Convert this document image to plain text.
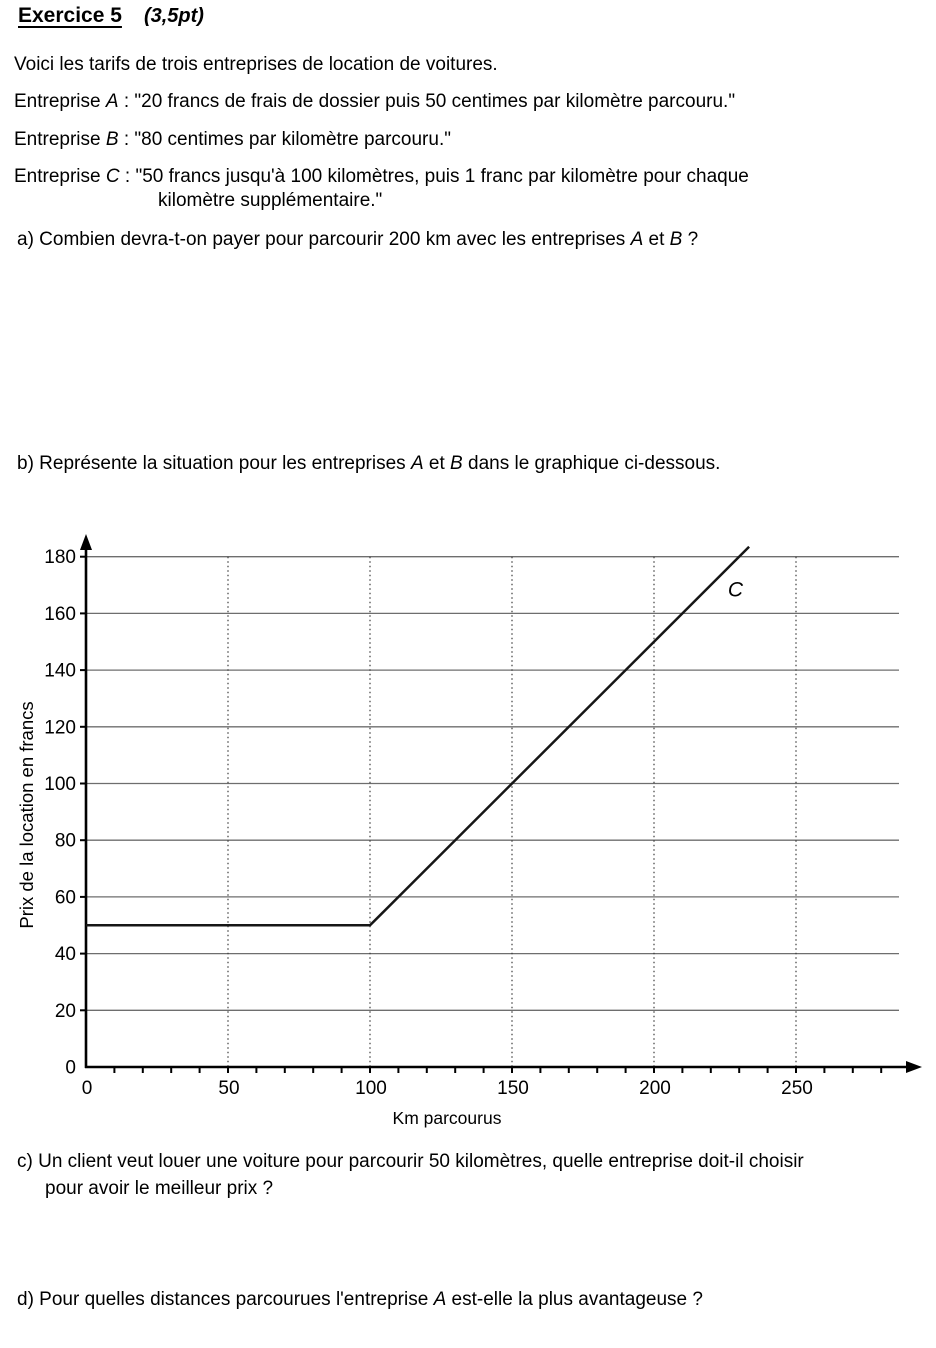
Exercice 5 (3,5pt)
Voici les tarifs de trois entreprises de location de voitures.
Entreprise A : "20 francs de frais de dossier puis 50 centimes par kilomètre parcouru."
Entreprise B : "80 centimes par kilomètre parcouru."
Entreprise C : "50 francs jusqu'à 100 kilomètres, puis 1 franc par kilomètre pour chaque
kilomètre supplémentaire."
a) Combien devra-t-on payer pour parcourir 200 km avec les entreprises A et B ?
b) Représente la situation pour les entreprises A et B dans le graphique ci-dessous.
0
20
40
60
80
100
120
140
160
180
0	50	100	150	200	250
C
Km parcourus
Prix de la location en francs
c) Un client veut louer une voiture pour parcourir 50 kilomètres, quelle entreprise doit-il choisir
pour avoir le meilleur prix ?
d) Pour quelles distances parcourues l'entreprise A est-elle la plus avantageuse ?
